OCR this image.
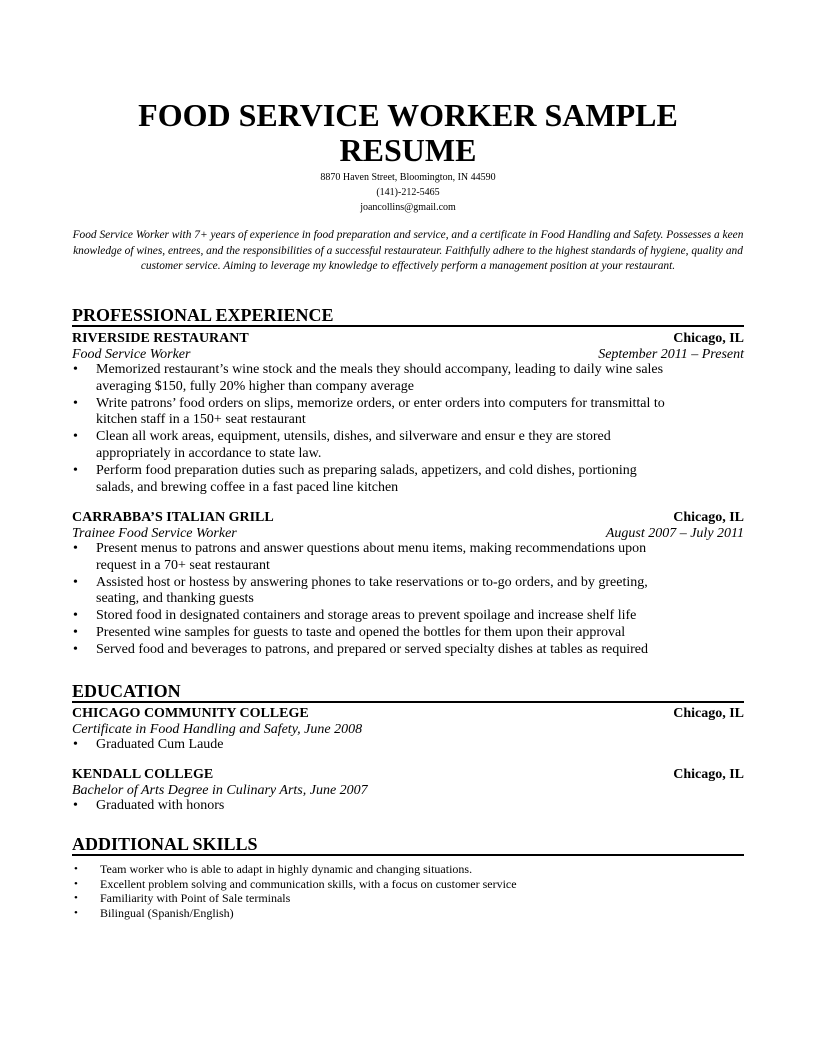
FOOD SERVICE WORKER SAMPLE
RESUME
8870 Haven Street, Bloomington, IN 44590
(141)-212-5465
joancollins@gmail.com

Food Service Worker with 7+ years of experience in food preparation and service, and a certificate in Food Handling and Safety. Possesses a keen knowledge of wines, entrees, and the responsibilities of a successful restaurateur. Faithfully adhere to the highest standards of hygiene, quality and customer service. Aiming to leverage my knowledge to effectively perform a management position at your restaurant.

PROFESSIONAL EXPERIENCE
RIVERSIDE RESTAURANT	Chicago, IL
Food Service Worker	September 2011 – Present
• Memorized restaurant’s wine stock and the meals they should accompany, leading to daily wine sales averaging $150, fully 20% higher than company average
• Write patrons’ food orders on slips, memorize orders, or enter orders into computers for transmittal to kitchen staff in a 150+ seat restaurant
• Clean all work areas, equipment, utensils, dishes, and silverware and ensur e they are stored appropriately in accordance to state law.
• Perform food preparation duties such as preparing salads, appetizers, and cold dishes, portioning salads, and brewing coffee in a fast paced line kitchen
CARRABBA’S ITALIAN GRILL	Chicago, IL
Trainee Food Service Worker	August 2007 – July 2011
• Present menus to patrons and answer questions about menu items, making recommendations upon request in a 70+ seat restaurant
• Assisted host or hostess by answering phones to take reservations or to-go orders, and by greeting, seating, and thanking guests
• Stored food in designated containers and storage areas to prevent spoilage and increase shelf life
• Presented wine samples for guests to taste and opened the bottles for them upon their approval
• Served food and beverages to patrons, and prepared or served specialty dishes at tables as required
EDUCATION
CHICAGO COMMUNITY COLLEGE	Chicago, IL
Certificate in Food Handling and Safety, June 2008
• Graduated Cum Laude
KENDALL COLLEGE	Chicago, IL
Bachelor of Arts Degree in Culinary Arts, June 2007
• Graduated with honors
ADDITIONAL SKILLS
• Team worker who is able to adapt in highly dynamic and changing situations.
• Excellent problem solving and communication skills, with a focus on customer service
• Familiarity with Point of Sale terminals
• Bilingual (Spanish/English)
